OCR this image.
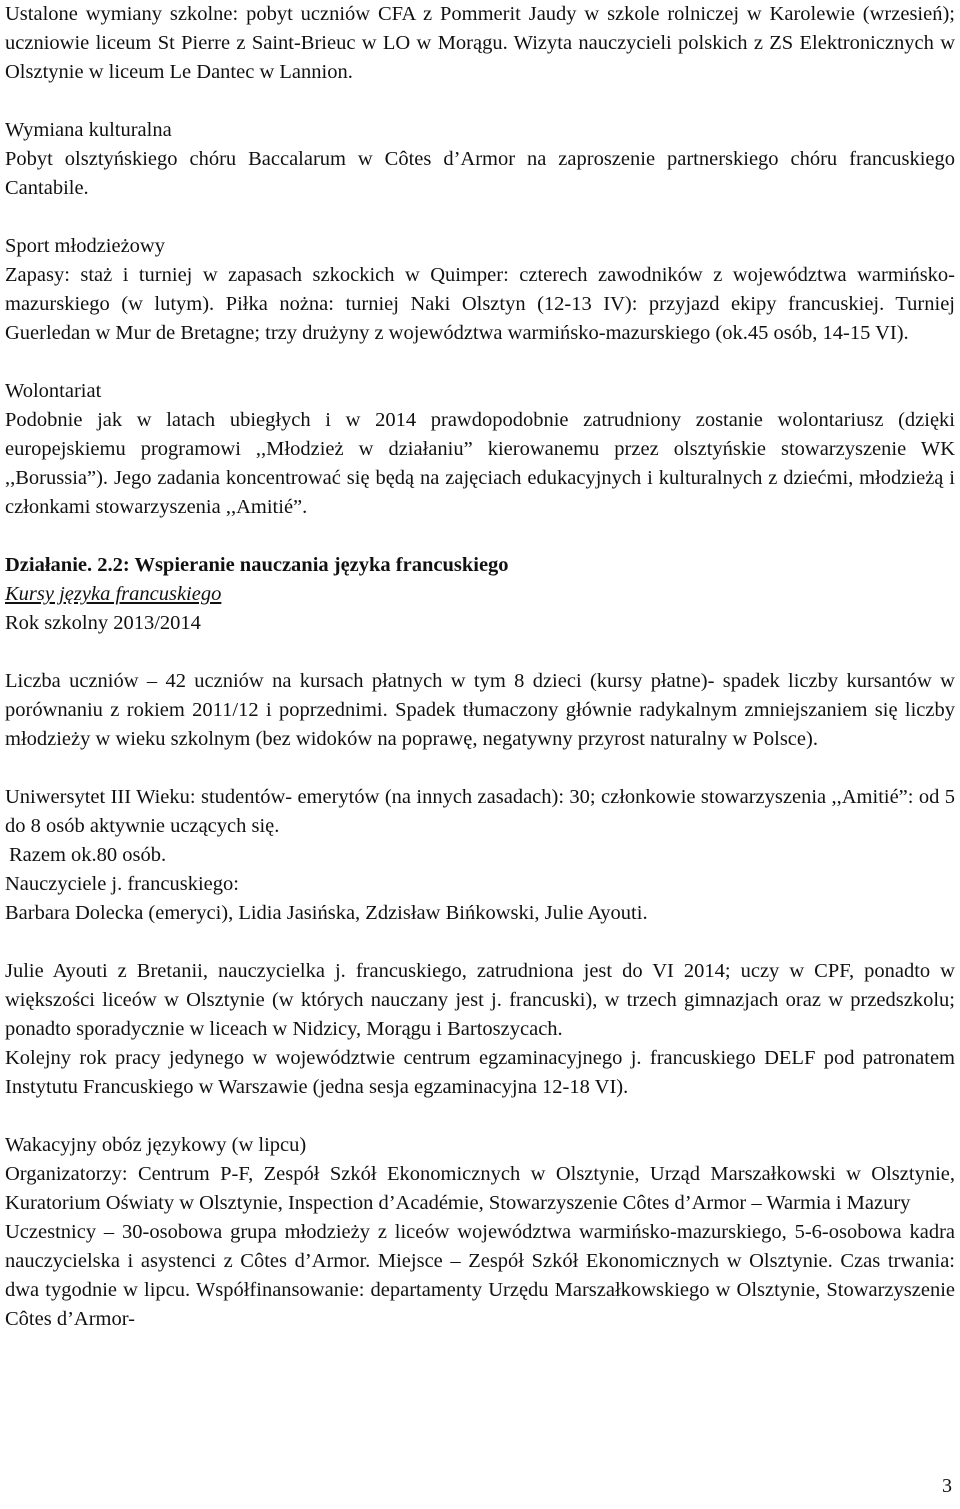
Ustalone wymiany szkolne: pobyt uczniów CFA z Pommerit Jaudy w szkole rolniczej w Karolewie (wrzesień); uczniowie liceum St Pierre z Saint-Brieuc w LO w Morągu. Wizyta nauczycieli polskich z ZS Elektronicznych w Olsztynie w liceum Le Dantec w Lannion.

Wymiana kulturalna

Pobyt olsztyńskiego chóru Baccalarum w Côtes d’Armor na zaproszenie partnerskiego chóru francuskiego Cantabile.

Sport młodzieżowy

Zapasy: staż i turniej w zapasach szkockich w Quimper: czterech zawodników z województwa warmińsko-mazurskiego (w lutym). Piłka nożna: turniej Naki Olsztyn (12-13 IV): przyjazd ekipy francuskiej. Turniej Guerledan w Mur de Bretagne; trzy drużyny z województwa warmińsko-mazurskiego (ok.45 osób, 14-15 VI).

Wolontariat

Podobnie jak w latach ubiegłych i w 2014 prawdopodobnie zatrudniony zostanie wolontariusz (dzięki europejskiemu programowi ,,Młodzież w działaniu” kierowanemu przez olsztyńskie stowarzyszenie WK ,,Borussia”). Jego zadania koncentrować się będą na zajęciach edukacyjnych i kulturalnych z dziećmi, młodzieżą i członkami stowarzyszenia ,,Amitié”.

Działanie. 2.2: Wspieranie nauczania języka francuskiego

Kursy języka francuskiego

Rok szkolny 2013/2014

Liczba uczniów – 42 uczniów na kursach płatnych w tym 8 dzieci (kursy płatne)- spadek liczby kursantów w porównaniu z rokiem 2011/12 i poprzednimi. Spadek tłumaczony głównie radykalnym zmniejszaniem się liczby młodzieży w wieku szkolnym (bez widoków na poprawę, negatywny przyrost naturalny w Polsce).

Uniwersytet III Wieku: studentów- emerytów (na innych zasadach): 30; członkowie stowarzyszenia ,,Amitié”: od 5 do 8 osób aktywnie uczących się.

Razem ok.80 osób.

Nauczyciele j. francuskiego:

Barbara Dolecka (emeryci), Lidia Jasińska, Zdzisław Bińkowski, Julie Ayouti.

Julie Ayouti z Bretanii, nauczycielka j. francuskiego, zatrudniona jest do VI 2014; uczy w CPF, ponadto w większości liceów w Olsztynie (w których nauczany jest j. francuski), w trzech gimnazjach oraz w przedszkolu; ponadto sporadycznie w liceach w Nidzicy, Morągu i Bartoszycach.

Kolejny rok pracy jedynego w województwie centrum egzaminacyjnego j. francuskiego DELF pod patronatem Instytutu Francuskiego w Warszawie (jedna sesja egzaminacyjna 12-18 VI).

Wakacyjny obóz językowy (w lipcu)

Organizatorzy: Centrum P-F, Zespół Szkół Ekonomicznych w Olsztynie, Urząd Marszałkowski w Olsztynie, Kuratorium Oświaty w Olsztynie, Inspection d’Académie, Stowarzyszenie Côtes d’Armor – Warmia i Mazury

Uczestnicy – 30-osobowa grupa młodzieży z liceów województwa warmińsko-mazurskiego, 5-6-osobowa kadra nauczycielska i asystenci z Côtes d’Armor. Miejsce – Zespół Szkół Ekonomicznych w Olsztynie. Czas trwania: dwa tygodnie w lipcu. Współfinansowanie: departamenty Urzędu Marszałkowskiego w Olsztynie, Stowarzyszenie Côtes d’Armor-

3
